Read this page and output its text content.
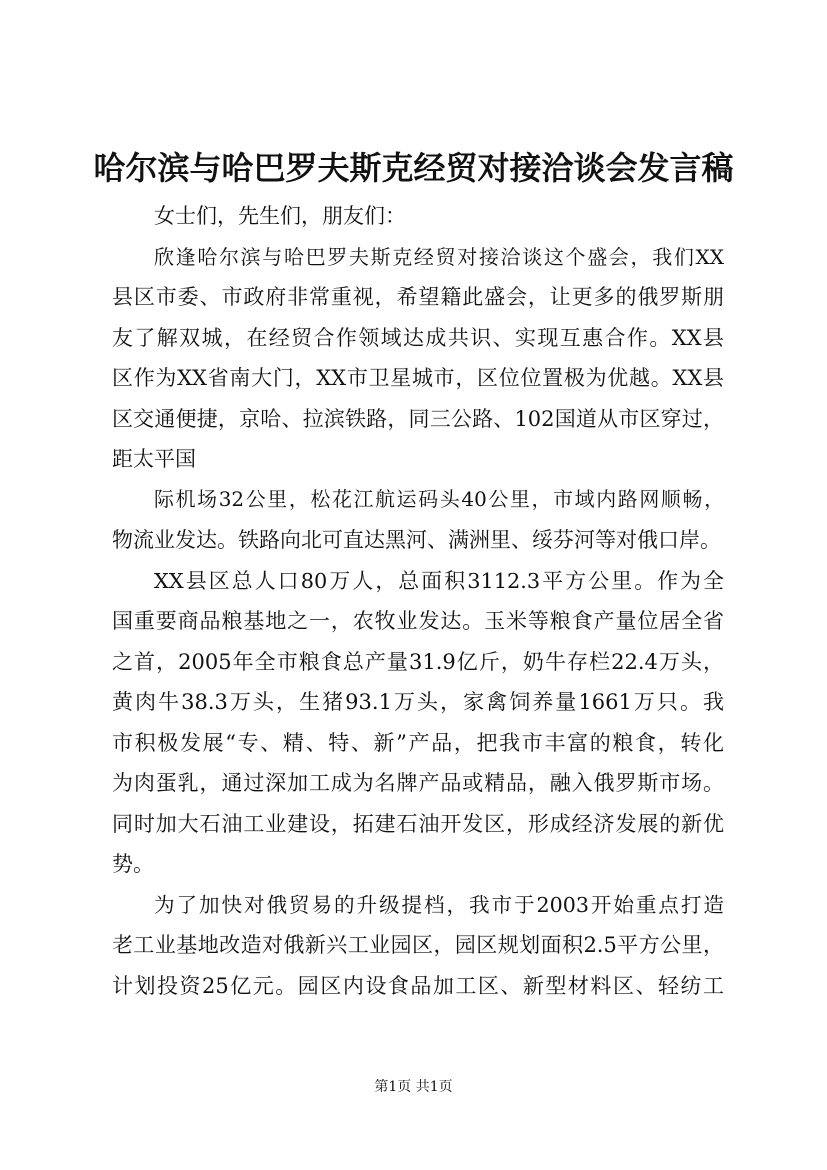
哈尔滨与哈巴罗夫斯克经贸对接洽谈会发言稿

女士们，先生们，朋友们：

欣逢哈尔滨与哈巴罗夫斯克经贸对接洽谈这个盛会，我们XX
县区市委、市政府非常重视，希望籍此盛会，让更多的俄罗斯朋
友了解双城，在经贸合作领域达成共识、实现互惠合作。XX县
区作为XX省南大门，XX市卫星城市，区位位置极为优越。XX县
区交通便捷，京哈、拉滨铁路，同三公路、102国道从市区穿过，
距太平国

际机场32公里，松花江航运码头40公里，市域内路网顺畅，
物流业发达。铁路向北可直达黑河、满洲里、绥芬河等对俄口岸。

XX县区总人口80万人，总面积3112.3平方公里。作为全
国重要商品粮基地之一，农牧业发达。玉米等粮食产量位居全省
之首，2005年全市粮食总产量31.9亿斤，奶牛存栏22.4万头，
黄肉牛38.3万头，生猪93.1万头，家禽饲养量1661万只。我
市积极发展“专、精、特、新”产品，把我市丰富的粮食，转化
为肉蛋乳，通过深加工成为名牌产品或精品，融入俄罗斯市场。
同时加大石油工业建设，拓建石油开发区，形成经济发展的新优
势。

为了加快对俄贸易的升级提档，我市于2003开始重点打造
老工业基地改造对俄新兴工业园区，园区规划面积2.5平方公里，
计划投资25亿元。园区内设食品加工区、新型材料区、轻纺工

第1页 共1页
